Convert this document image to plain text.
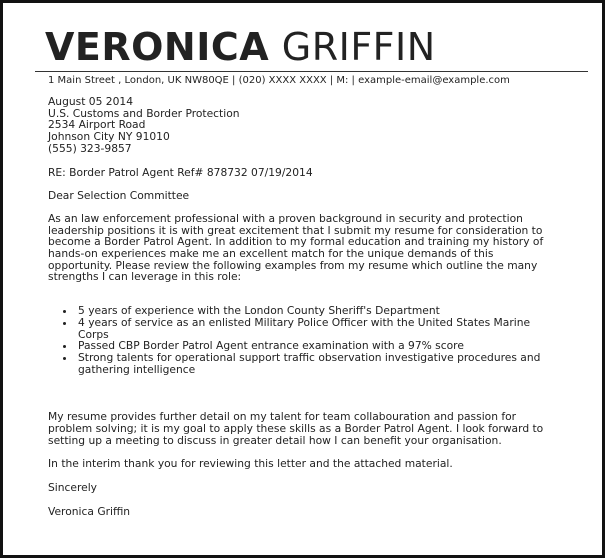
VERONICA GRIFFIN
1 Main Street , London, UK NW80QE | (020) XXXX XXXX | M: | example-email@example.com

August 05 2014

U.S. Customs and Border Protection

2534 Airport Road

Johnson City NY 91010

(555) 323-9857

RE: Border Patrol Agent Ref# 878732 07/19/2014

Dear Selection Committee

As an law enforcement professional with a proven background in security and protection leadership positions it is with great excitement that I submit my resume for consideration to become a Border Patrol Agent. In addition to my formal education and training my history of hands-on experiences make me an excellent match for the unique demands of this opportunity. Please review the following examples from my resume which outline the many strengths I can leverage in this role:

• 5 years of experience with the London County Sheriff's Department
• 4 years of service as an enlisted Military Police Officer with the United States Marine Corps
• Passed CBP Border Patrol Agent entrance examination with a 97% score
• Strong talents for operational support traffic observation investigative procedures and gathering intelligence

My resume provides further detail on my talent for team collabouration and passion for problem solving; it is my goal to apply these skills as a Border Patrol Agent. I look forward to setting up a meeting to discuss in greater detail how I can benefit your organisation.

In the interim thank you for reviewing this letter and the attached material.

Sincerely

Veronica Griffin
